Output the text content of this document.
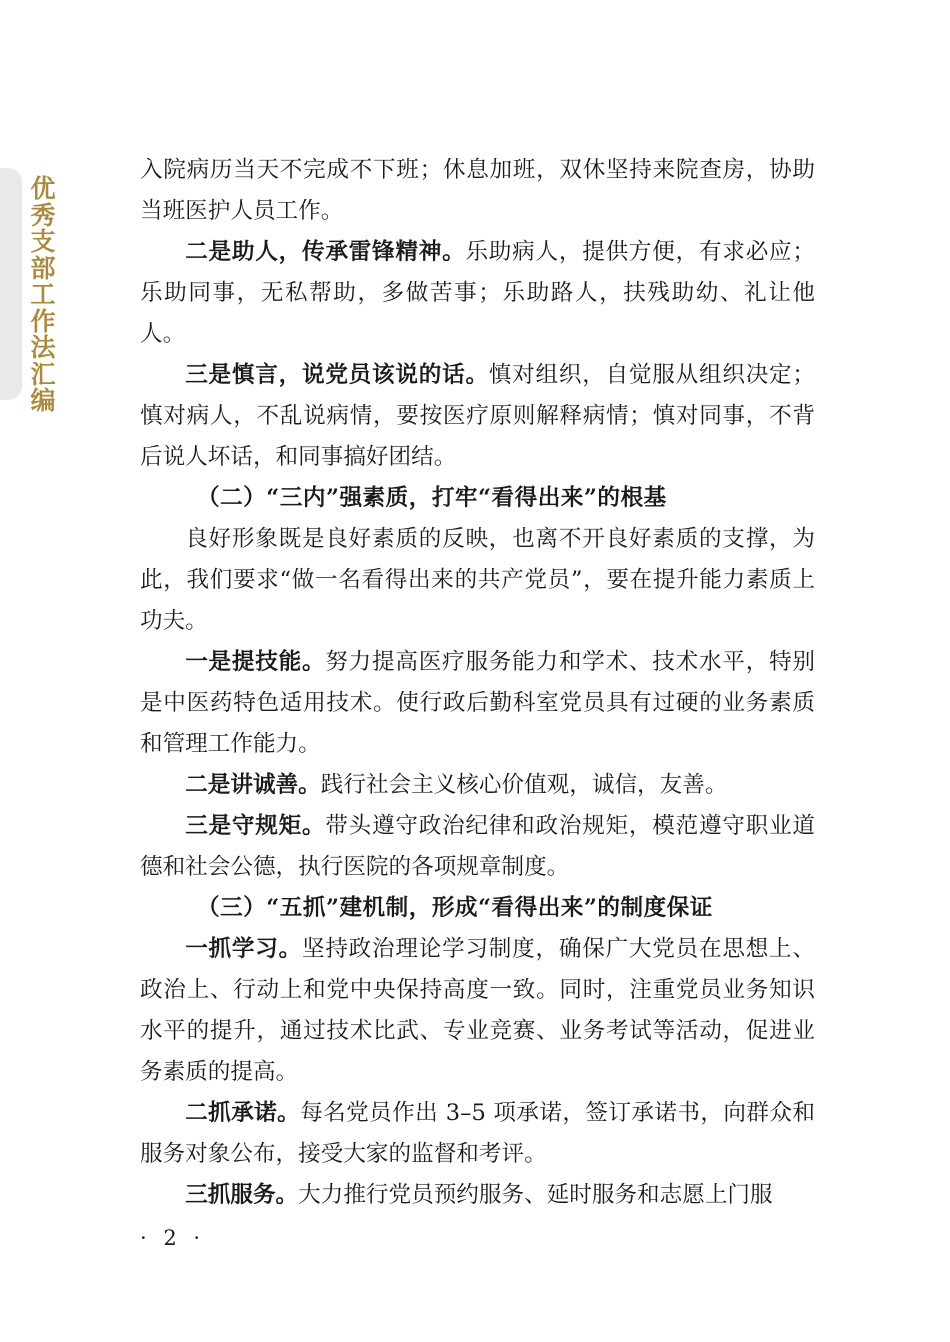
优秀支部工作法汇编

入院病历当天不完成不下班；休息加班，双休坚持来院查房，协助当班医护人员工作。

二是助人，传承雷锋精神。乐助病人，提供方便，有求必应；乐助同事，无私帮助，多做苦事；乐助路人，扶残助幼、礼让他人。

三是慎言，说党员该说的话。慎对组织，自觉服从组织决定；慎对病人，不乱说病情，要按医疗原则解释病情；慎对同事，不背后说人坏话，和同事搞好团结。

（二）“三内”强素质，打牢“看得出来”的根基

良好形象既是良好素质的反映，也离不开良好素质的支撑，为此，我们要求“做一名看得出来的共产党员”，要在提升能力素质上功夫。

一是提技能。努力提高医疗服务能力和学术、技术水平，特别是中医药特色适用技术。使行政后勤科室党员具有过硬的业务素质和管理工作能力。

二是讲诚善。践行社会主义核心价值观，诚信，友善。

三是守规矩。带头遵守政治纪律和政治规矩，模范遵守职业道德和社会公德，执行医院的各项规章制度。

（三）“五抓”建机制，形成“看得出来”的制度保证

一抓学习。坚持政治理论学习制度，确保广大党员在思想上、政治上、行动上和党中央保持高度一致。同时，注重党员业务知识水平的提升，通过技术比武、专业竞赛、业务考试等活动，促进业务素质的提高。

二抓承诺。每名党员作出 3–5 项承诺，签订承诺书，向群众和服务对象公布，接受大家的监督和考评。

三抓服务。大力推行党员预约服务、延时服务和志愿上门服

· 2 ·
